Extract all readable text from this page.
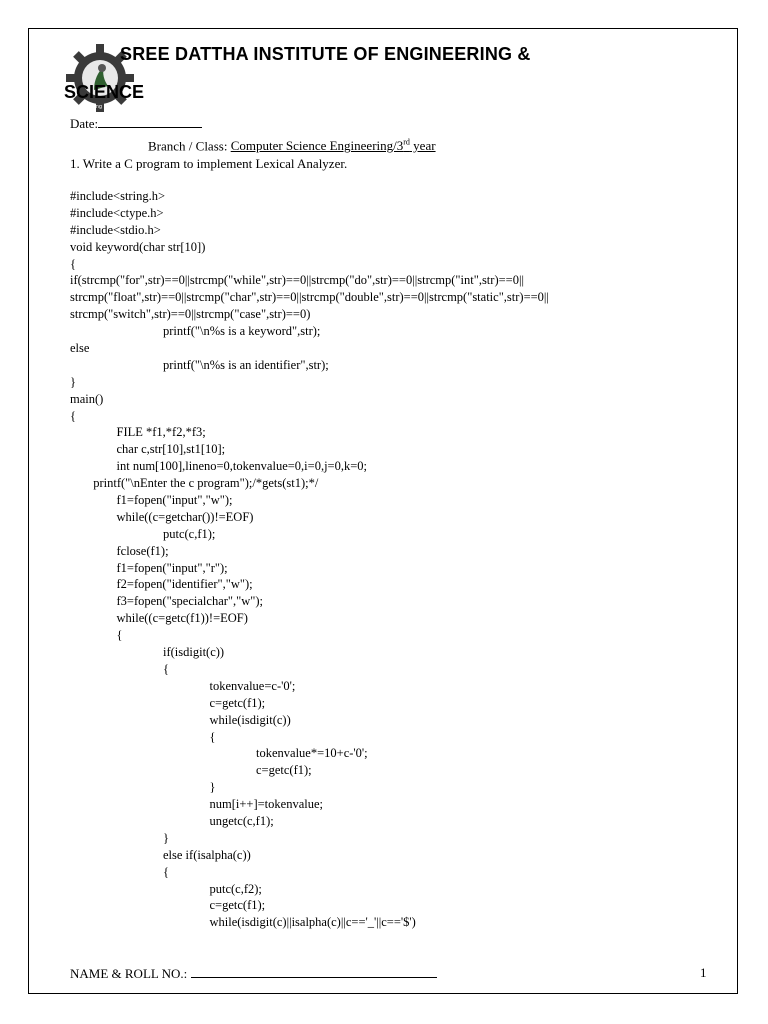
Shaping Minds
SREE DATTHA INSTITUTE OF ENGINEERING &
SCIENCE
Date:
Branch / Class: Computer Science Engineering/3rd year
1. Write a C program to implement Lexical Analyzer.
#include<string.h>
#include<ctype.h>
#include<stdio.h>
void keyword(char str[10])
{
if(strcmp("for",str)==0||strcmp("while",str)==0||strcmp("do",str)==0||strcmp("int",str)==0||
strcmp("float",str)==0||strcmp("char",str)==0||strcmp("double",str)==0||strcmp("static",str)==0||
strcmp("switch",str)==0||strcmp("case",str)==0)
printf("\n%s is a keyword",str);
else
printf("\n%s is an identifier",str);
}
main()
{
FILE *f1,*f2,*f3;
char c,str[10],st1[10];
int num[100],lineno=0,tokenvalue=0,i=0,j=0,k=0;
printf("\nEnter the c program");/*gets(st1);*/
f1=fopen("input","w");
while((c=getchar())!=EOF)
putc(c,f1);
fclose(f1);
f1=fopen("input","r");
f2=fopen("identifier","w");
f3=fopen("specialchar","w");
while((c=getc(f1))!=EOF)
{
if(isdigit(c))
{
tokenvalue=c-'0';
c=getc(f1);
while(isdigit(c))
{
tokenvalue*=10+c-'0';
c=getc(f1);
}
num[i++]=tokenvalue;
ungetc(c,f1);
}
else if(isalpha(c))
{
putc(c,f2);
c=getc(f1);
while(isdigit(c)||isalpha(c)||c=='_'||c=='$')
NAME & ROLL NO.:	1
